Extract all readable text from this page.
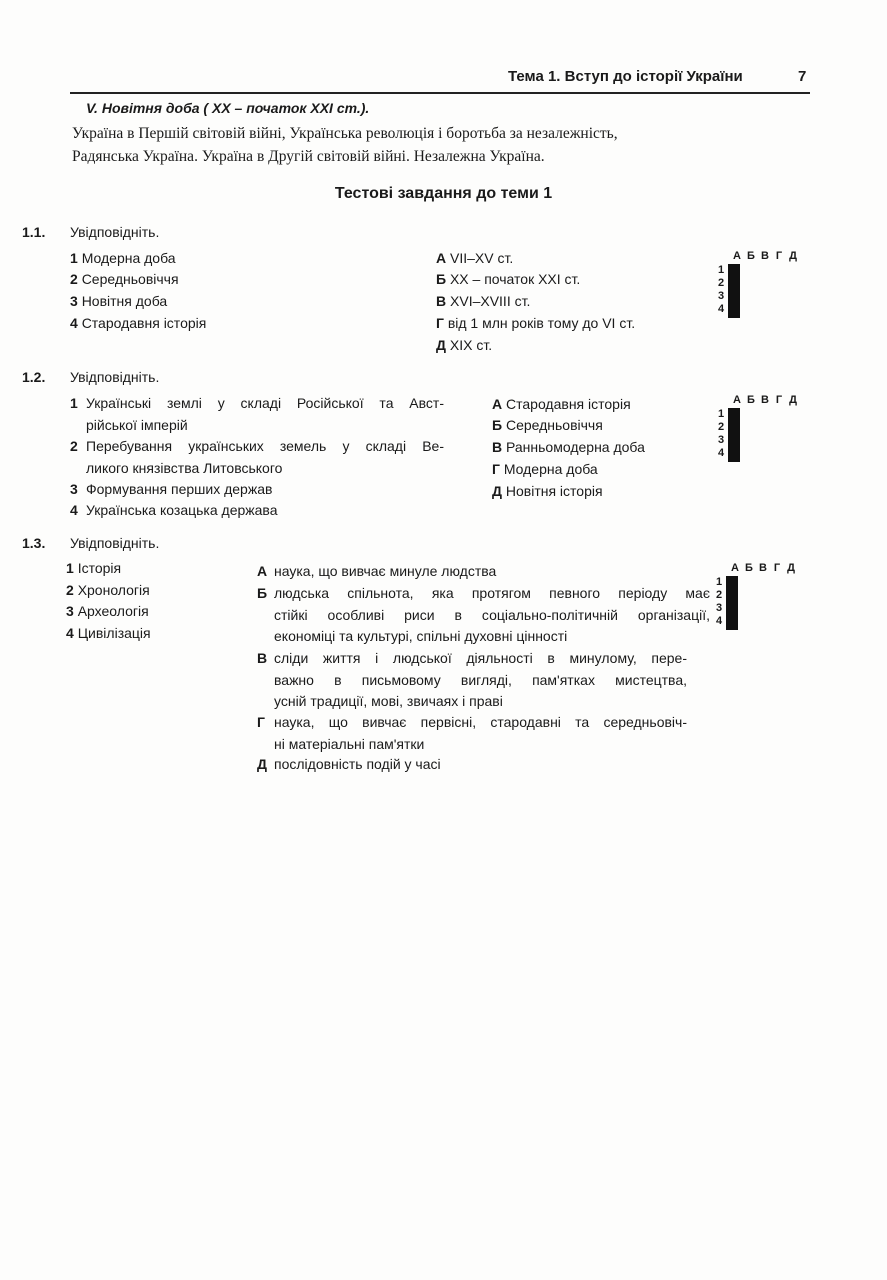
Тема 1. Вступ до історії України	7
V. Новітня доба ( XX – початок XXI ст.).
Україна в Першій світовій війні, Українська революція і боротьба за незалежність,
Радянська Україна. Україна в Другій світовій війні. Незалежна Україна.
Тестові завдання до теми 1
1.1. Увідповідніть.
1 Модерна доба
2 Середньовіччя
3 Новітня доба
4 Стародавня історія
А VII–XV ст.
Б XX – початок XXI ст.
В XVI–XVIII ст.
Г від 1 млн років тому до VI ст.
Д XIX ст.
А Б В Г Д
1
2
3
4

1.2. Увідповідніть.
1 Українські землі у складі Російської та Авст-
рійської імперій
2 Перебування українських земель у складі Ве-
ликого князівства Литовського
3 Формування перших держав
4 Українська козацька держава
А Стародавня історія
Б Середньовіччя
В Ранньомодерна доба
Г Модерна доба
Д Новітня історія
А Б В Г Д
1
2
3
4

1.3. Увідповідніть.
1 Історія
2 Хронологія
3 Археологія
4 Цивілізація
А наука, що вивчає минуле людства
Б людська спільнота, яка протягом певного періоду має
стійкі особливі риси в соціально-політичній організації,
економіці та культурі, спільні духовні цінності
В сліди життя і людської діяльності в минулому, пере-
важно в письмовому вигляді, пам'ятках мистецтва,
усній традиції, мові, звичаях і праві
Г наука, що вивчає первісні, стародавні та середньовіч-
ні матеріальні пам'ятки
Д послідовність подій у часі
А Б В Г Д
1
2
3
4
